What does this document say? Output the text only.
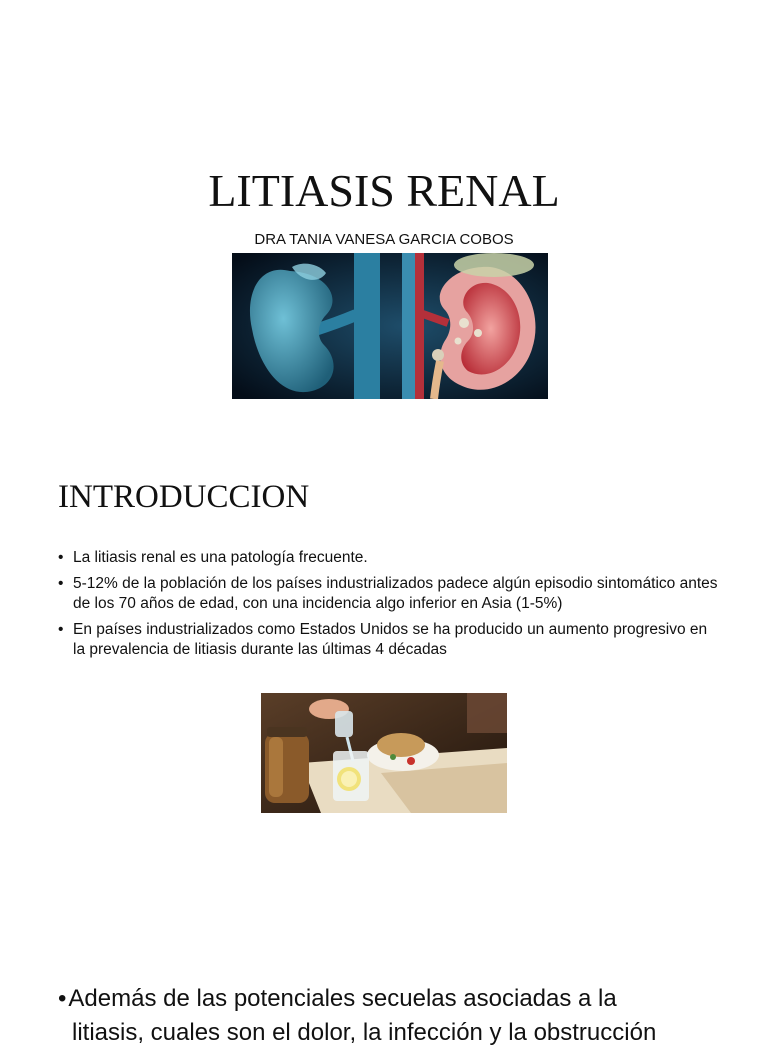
LITIASIS RENAL
DRA TANIA VANESA GARCIA COBOS
INTRODUCCION
• La litiasis renal es una patología frecuente.
• 5-12% de la población de los países industrializados padece algún episodio sintomático antes de los 70 años de edad, con una incidencia algo inferior en Asia (1-5%)
• En países industrializados como Estados Unidos se ha producido un aumento progresivo en la prevalencia de litiasis durante las últimas 4 décadas
•Además de las potenciales secuelas asociadas a la
litiasis, cuales son el dolor, la infección y la obstrucción
